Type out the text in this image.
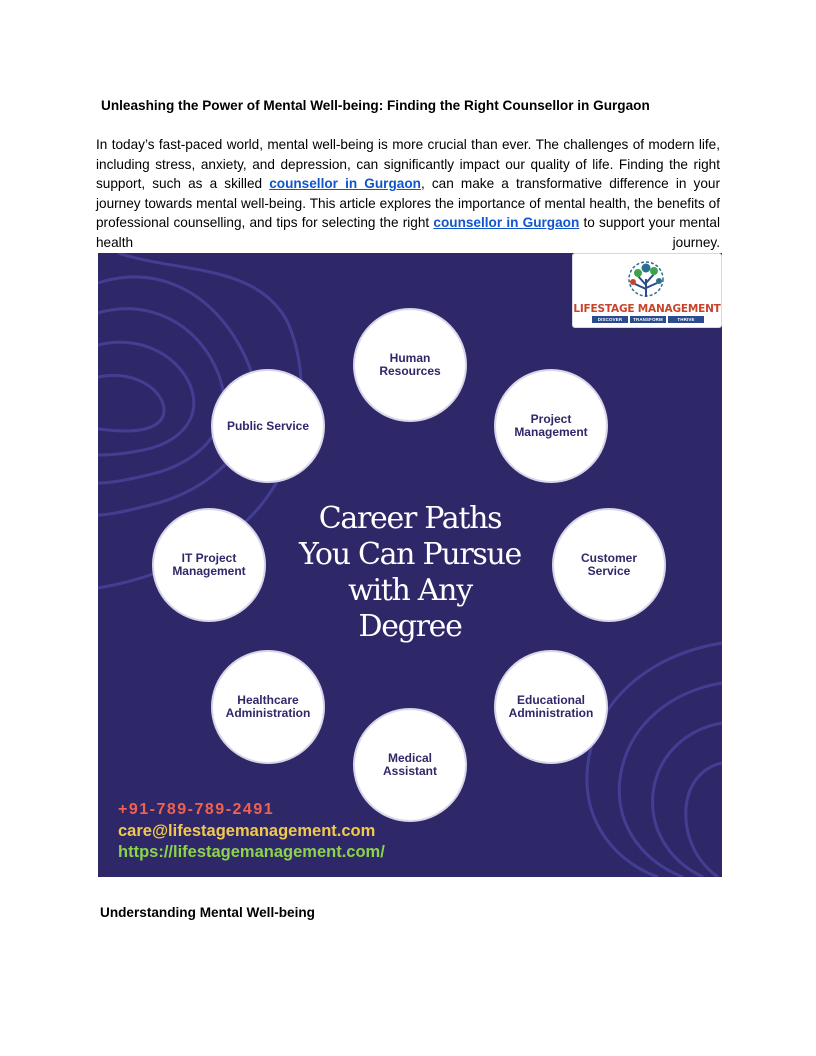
Unleashing the Power of Mental Well-being: Finding the Right Counsellor in Gurgaon

In today’s fast-paced world, mental well-being is more crucial than ever. The challenges of modern life, including stress, anxiety, and depression, can significantly impact our quality of life. Finding the right support, such as a skilled counsellor in Gurgaon, can make a transformative difference in your journey towards mental well-being. This article explores the importance of mental health, the benefits of professional counselling, and tips for selecting the right counsellor in Gurgaon to support your mental health journey.

LIFESTAGE MANAGEMENT
DISCOVER	TRANSFORM	THRIVE
Human
Resources
Project
Management
Customer
Service
Educational
Administration
Medical
Assistant
Healthcare
Administration
IT Project
Management
Public Service
Career Paths
You Can Pursue
with Any
Degree
+91-789-789-2491
care@lifestagemanagement.com
https://lifestagemanagement.com/
Understanding Mental Well-being
